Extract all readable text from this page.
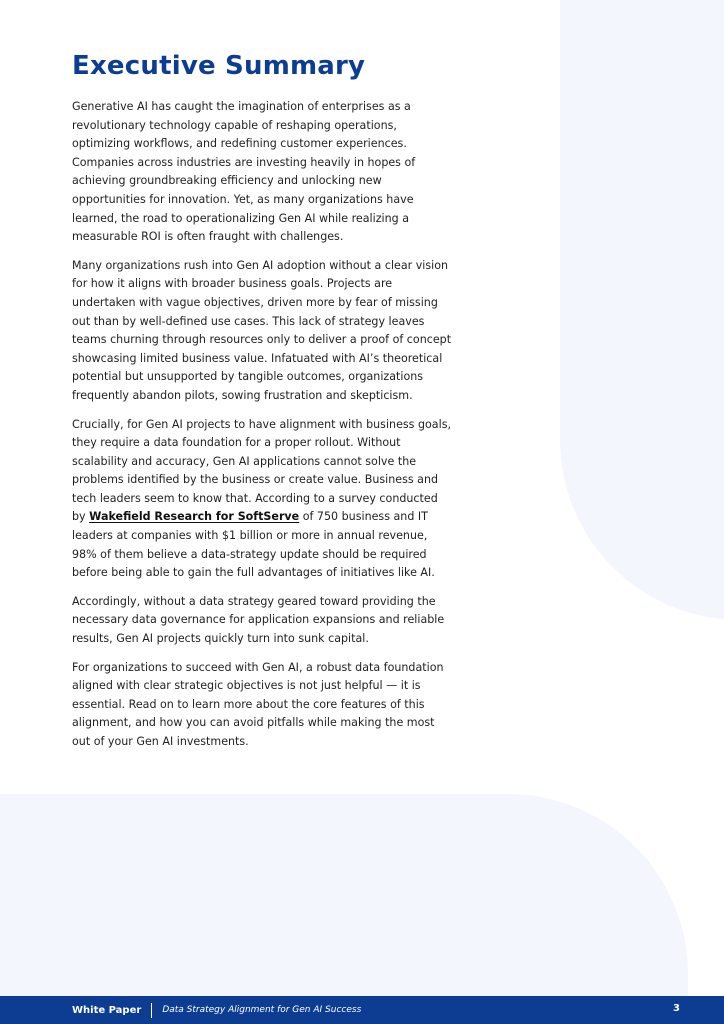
Executive Summary

Generative AI has caught the imagination of enterprises as a revolutionary technology capable of reshaping operations, optimizing workflows, and redefining customer experiences. Companies across industries are investing heavily in hopes of achieving groundbreaking efficiency and unlocking new opportunities for innovation. Yet, as many organizations have learned, the road to operationalizing Gen AI while realizing a measurable ROI is often fraught with challenges.

Many organizations rush into Gen AI adoption without a clear vision for how it aligns with broader business goals. Projects are undertaken with vague objectives, driven more by fear of missing out than by well-defined use cases. This lack of strategy leaves teams churning through resources only to deliver a proof of concept showcasing limited business value. Infatuated with AI’s theoretical potential but unsupported by tangible outcomes, organizations frequently abandon pilots, sowing frustration and skepticism.

Crucially, for Gen AI projects to have alignment with business goals, they require a data foundation for a proper rollout. Without scalability and accuracy, Gen AI applications cannot solve the problems identified by the business or create value. Business and tech leaders seem to know that. According to a survey conducted by Wakefield Research for SoftServe of 750 business and IT leaders at companies with $1 billion or more in annual revenue, 98% of them believe a data-strategy update should be required before being able to gain the full advantages of initiatives like AI.

Accordingly, without a data strategy geared toward providing the necessary data governance for application expansions and reliable results, Gen AI projects quickly turn into sunk capital.

For organizations to succeed with Gen AI, a robust data foundation aligned with clear strategic objectives is not just helpful — it is essential. Read on to learn more about the core features of this alignment, and how you can avoid pitfalls while making the most out of your Gen AI investments.

White Paper Data Strategy Alignment for Gen AI Success	3
